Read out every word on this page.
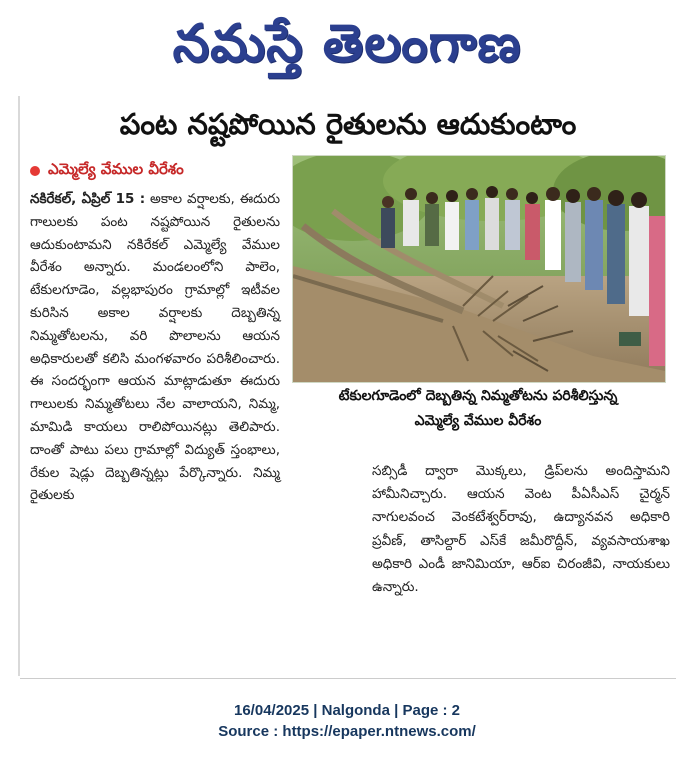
నమస్తే తెలంగాణ
పంట నష్టపోయిన రైతులను ఆదుకుంటాం
ఎమ్మెల్యే వేముల వీరేశం

నకిరేకల్, ఏప్రిల్ 15 : అకాల వర్షాలకు, ఈదురు గాలులకు పంట నష్టపోయిన రైతులను ఆదుకుంటామని నకిరేకల్ ఎమ్మెల్యే వేముల వీరేశం అన్నారు. మండలంలోని పాలెం, టేకులగూడెం, వల్లభాపురం గ్రామాల్లో ఇటీవల కురిసిన అకాల వర్షాలకు దెబ్బతిన్న నిమ్మతోటలను, వరి పొలాలను ఆయన అధికారులతో కలిసి మంగళవారం పరిశీలించారు. ఈ సందర్భంగా ఆయన మాట్లాడుతూ ఈదురు గాలులకు నిమ్మతోటలు నేల వాలాయని, నిమ్మ, మామిడి కాయలు రాలిపోయినట్లు తెలిపారు. దాంతో పాటు పలు గ్రామాల్లో విద్యుత్ స్తంభాలు, రేకుల షెడ్లు దెబ్బతిన్నట్లు పేర్కొన్నారు. నిమ్మ రైతులకు

టేకులగూడెంలో దెబ్బతిన్న నిమ్మతోటను పరిశీలిస్తున్న
ఎమ్మెల్యే వేముల వీరేశం

సబ్సిడీ ద్వారా మొక్కలు, డ్రిప్‌లను అందిస్తామని హామీనిచ్చారు. ఆయన వెంట పీఏసీఎస్ చైర్మన్ నాగులవంచ వెంకటేశ్వర్‌రావు, ఉద్యానవన అధికారి ప్రవీణ్, తాసిల్దార్ ఎస్‌కే జమీరొద్దీన్, వ్యవసాయశాఖ అధికారి ఎండీ జానిమియా, ఆర్‌ఐ చిరంజీవి, నాయకులు ఉన్నారు.

16/04/2025 | Nalgonda | Page : 2
Source : https://epaper.ntnews.com/
